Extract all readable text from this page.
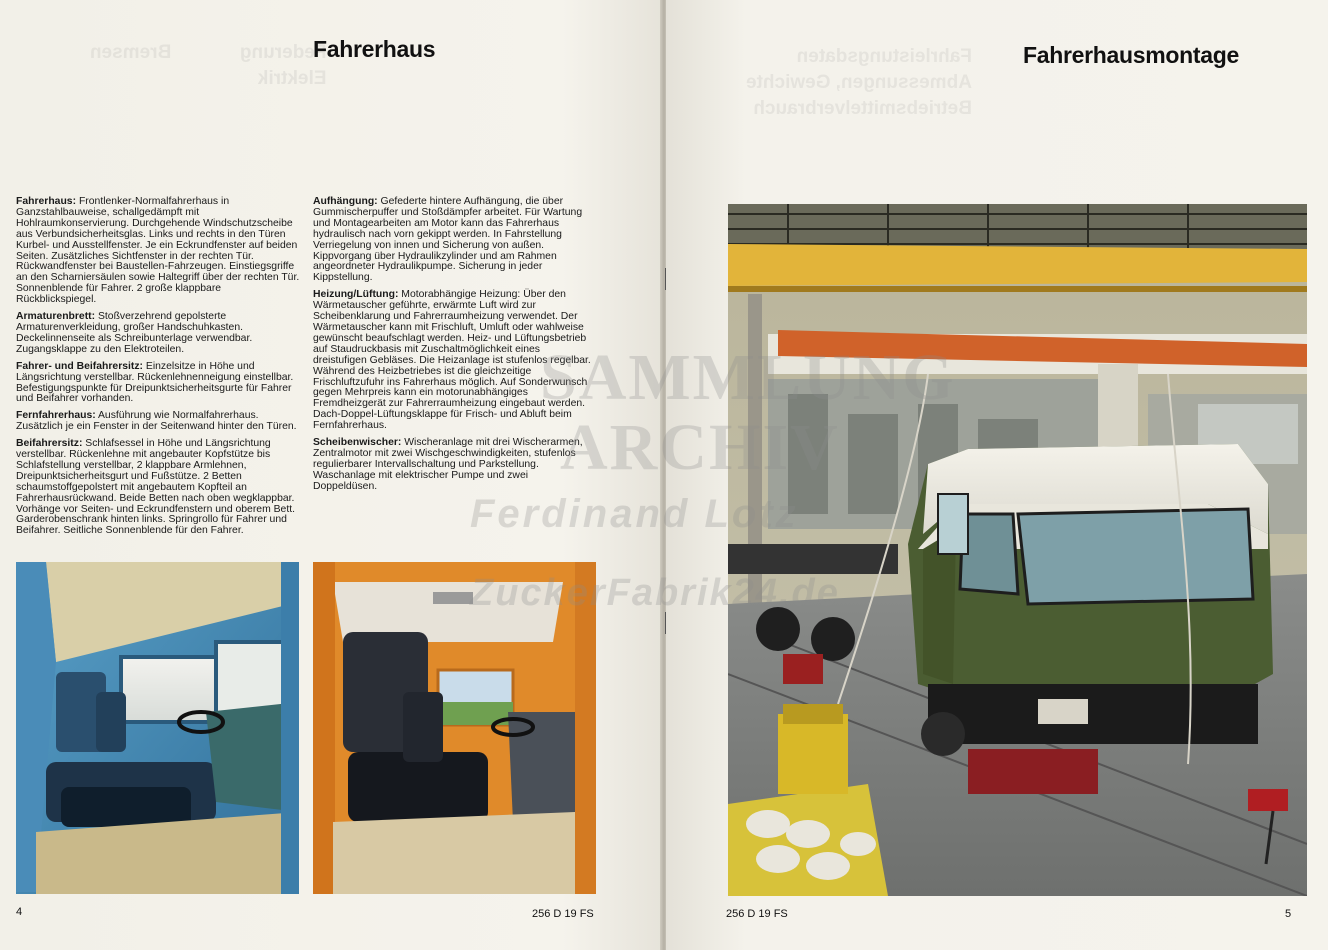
Federung             Bremsen
Elektrik
Fahrerhaus

Fahrerhaus: Frontlenker-Normalfahrerhaus in Ganzstahlbauweise, schallgedämpft mit Hohlraumkonservierung. Durchgehende Windschutzscheibe aus Verbundsicherheitsglas. Links und rechts in den Türen Kurbel- und Ausstellfenster. Je ein Eckrundfenster auf beiden Seiten. Zusätzliches Sichtfenster in der rechten Tür. Rückwandfenster bei Baustellen-Fahrzeugen. Einstiegsgriffe an den Scharniersäulen sowie Haltegriff über der rechten Tür. Sonnenblende für Fahrer. 2 große klappbare Rückblickspiegel.

Armaturenbrett: Stoßverzehrend gepolsterte Armaturenverkleidung, großer Handschuhkasten. Deckelinnenseite als Schreibunterlage verwendbar. Zugangsklappe zu den Elektroteilen.

Fahrer- und Beifahrersitz: Einzelsitze in Höhe und Längsrichtung verstellbar. Rückenlehnenneigung einstellbar. Befestigungspunkte für Dreipunktsicherheitsgurte für Fahrer und Beifahrer vorhanden.

Fernfahrerhaus: Ausführung wie Normalfahrerhaus. Zusätzlich je ein Fenster in der Seitenwand hinter den Türen.

Beifahrersitz: Schlafsessel in Höhe und Längsrichtung verstellbar. Rückenlehne mit angebauter Kopfstütze bis Schlafstellung verstellbar, 2 klappbare Armlehnen, Dreipunktsicherheitsgurt und Fußstütze. 2 Betten schaumstoffgepolstert mit angebautem Kopfteil an Fahrerhausrückwand. Beide Betten nach oben wegklappbar. Vorhänge vor Seiten- und Eckrundfenstern und oberem Bett. Garderobenschrank hinten links. Springrollo für Fahrer und Beifahrer. Seitliche Sonnenblende für den Fahrer.

Aufhängung: Gefederte hintere Aufhängung, die über Gummischerpuffer und Stoßdämpfer arbeitet. Für Wartung und Montagearbeiten am Motor kann das Fahrerhaus hydraulisch nach vorn gekippt werden. In Fahrstellung Verriegelung von innen und Sicherung von außen. Kippvorgang über Hydraulikzylinder und am Rahmen angeordneter Hydraulikpumpe. Sicherung in jeder Kippstellung.

Heizung/Lüftung: Motorabhängige Heizung: Über den Wärmetauscher geführte, erwärmte Luft wird zur Scheibenklarung und Fahrerraumheizung verwendet. Der Wärmetauscher kann mit Frischluft, Umluft oder wahlweise gewünscht beaufschlagt werden. Heiz- und Lüftungsbetrieb auf Staudruckbasis mit Zuschaltmöglichkeit eines dreistufigen Gebläses. Die Heizanlage ist stufenlos regelbar. Während des Heizbetriebes ist die gleichzeitige Frischluftzufuhr ins Fahrerhaus möglich. Auf Sonderwunsch gegen Mehrpreis kann ein motorunabhängiges Fremdheizgerät zur Fahrerraumheizung eingebaut werden. Dach-Doppel-Lüftungsklappe für Frisch- und Abluft beim Fernfahrerhaus.

Scheibenwischer: Wischeranlage mit drei Wischerarmen, Zentralmotor mit zwei Wischgeschwindigkeiten, stufenlos regulierbarer Intervallschaltung und Parkstellung. Waschanlage mit elektrischer Pumpe und zwei Doppeldüsen.

4	256 D 19 FS
Fahrleistungsdaten
Abmessungen, Gewichte
Betriebsmittelverbrauch
Fahrerhausmontage
256 D 19 FS	5
SAMMLUNG
ARCHIV
Ferdinand Lotz
ZuckerFabrik24.de
